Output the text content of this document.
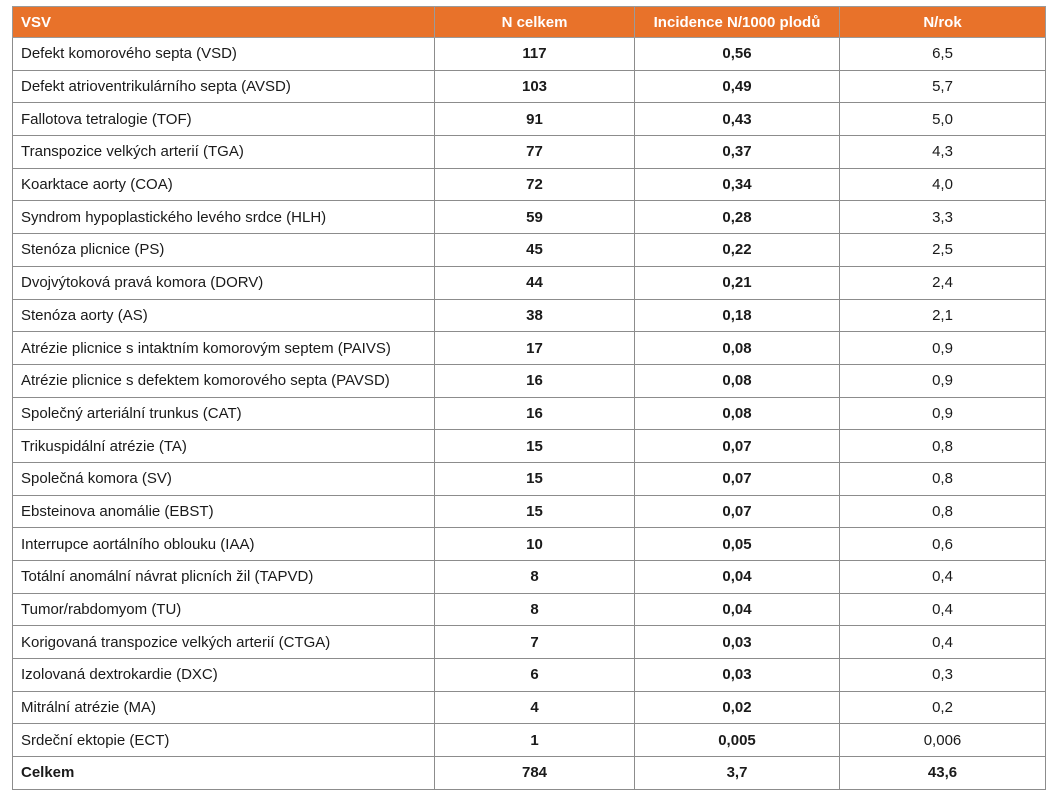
VSV	N celkem	Incidence N/1000 plodů	N/rok
Defekt komorového septa (VSD)	117	0,56	6,5
Defekt atrioventrikulárního septa (AVSD)	103	0,49	5,7
Fallotova tetralogie (TOF)	91	0,43	5,0
Transpozice velkých arterií (TGA)	77	0,37	4,3
Koarktace aorty (COA)	72	0,34	4,0
Syndrom hypoplastického levého srdce (HLH)	59	0,28	3,3
Stenóza plicnice (PS)	45	0,22	2,5
Dvojvýtoková pravá komora (DORV)	44	0,21	2,4
Stenóza aorty (AS)	38	0,18	2,1
Atrézie plicnice s intaktním komorovým septem (PAIVS)	17	0,08	0,9
Atrézie plicnice s defektem komorového septa (PAVSD)	16	0,08	0,9
Společný arteriální trunkus (CAT)	16	0,08	0,9
Trikuspidální atrézie (TA)	15	0,07	0,8
Společná komora (SV)	15	0,07	0,8
Ebsteinova anomálie (EBST)	15	0,07	0,8
Interrupce aortálního oblouku (IAA)	10	0,05	0,6
Totální anomální návrat plicních žil (TAPVD)	8	0,04	0,4
Tumor/rabdomyom (TU)	8	0,04	0,4
Korigovaná transpozice velkých arterií (CTGA)	7	0,03	0,4
Izolovaná dextrokardie (DXC)	6	0,03	0,3
Mitrální atrézie (MA)	4	0,02	0,2
Srdeční ektopie (ECT)	1	0,005	0,006
Celkem	784	3,7	43,6
